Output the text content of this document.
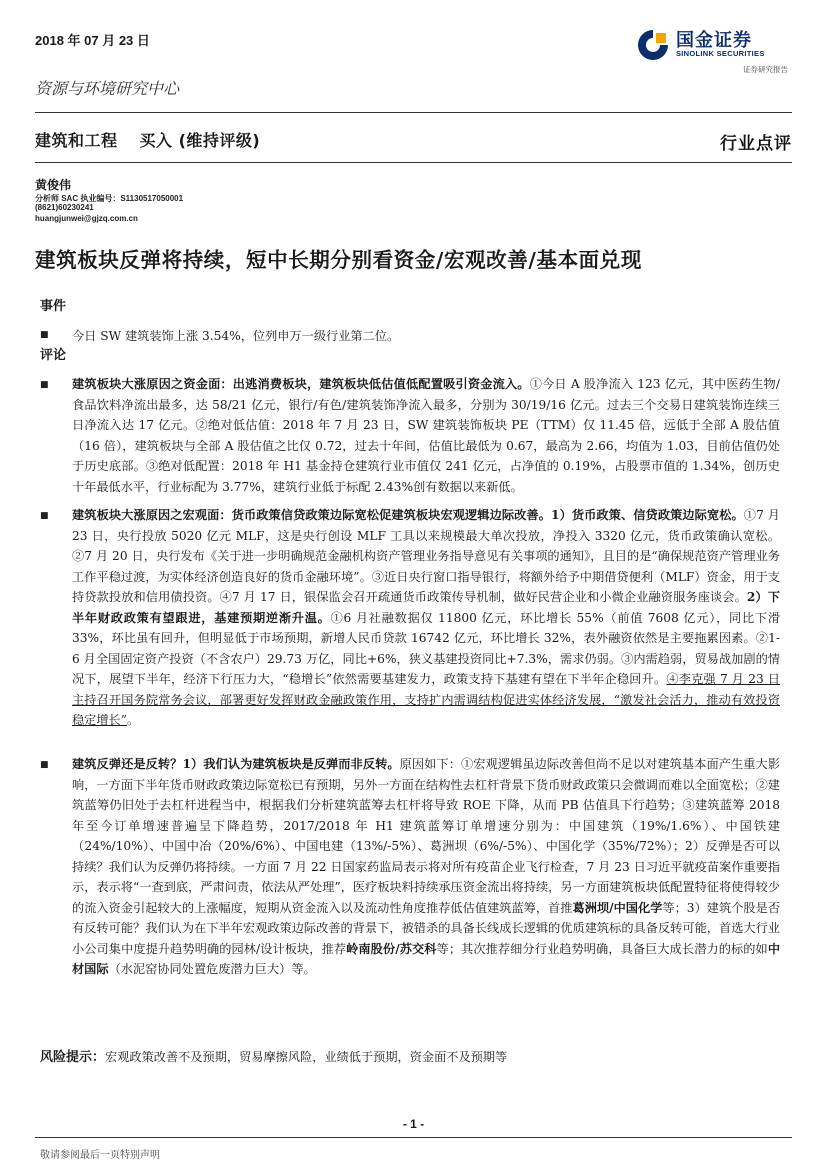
2018 年 07 月 23 日	国金证券
SINOLINK SECURITIES
证券研究报告
资源与环境研究中心
建筑和工程 买入 (维持评级)	行业点评
黄俊伟
分析师 SAC 执业编号：S1130517050001
(8621)60230241
huangjunwei@gjzq.com.cn
建筑板块反弹将持续，短中长期分别看资金/宏观改善/基本面兑现
事件
■ 今日 SW 建筑装饰上涨 3.54%，位列申万一级行业第二位。
评论
■ 建筑板块大涨原因之资金面：出逃消费板块，建筑板块低估值低配置吸引资金流入。①今日 A 股净流入 123 亿元，其中医药生物/食品饮料净流出最多，达 58/21 亿元，银行/有色/建筑装饰净流入最多，分别为 30/19/16 亿元。过去三个交易日建筑装饰连续三日净流入达 17 亿元。②绝对低估值：2018 年 7 月 23 日，SW 建筑装饰板块 PE（TTM）仅 11.45 倍，远低于全部 A 股估值（16 倍），建筑板块与全部 A 股估值之比仅 0.72，过去十年间，估值比最低为 0.67，最高为 2.66，均值为 1.03，目前估值仍处于历史底部。③绝对低配置：2018 年 H1 基金持仓建筑行业市值仅 241 亿元，占净值的 0.19%，占股票市值的 1.34%，创历史十年最低水平，行业标配为 3.77%，建筑行业低于标配 2.43%创有数据以来新低。
■ 建筑板块大涨原因之宏观面：货币政策信贷政策边际宽松促建筑板块宏观逻辑边际改善。1）货币政策、信贷政策边际宽松。①7 月 23 日，央行投放 5020 亿元 MLF，这是央行创设 MLF 工具以来规模最大单次投放，净投入 3320 亿元，货币政策确认宽松。②7 月 20 日，央行发布《关于进一步明确规范金融机构资产管理业务指导意见有关事项的通知》，且目的是“确保规范资产管理业务工作平稳过渡，为实体经济创造良好的货币金融环境”。③近日央行窗口指导银行，将额外给予中期借贷便利（MLF）资金，用于支持贷款投放和信用债投资。④7 月 17 日，银保监会召开疏通货币政策传导机制，做好民营企业和小微企业融资服务座谈会。2）下半年财政政策有望跟进，基建预期逆渐升温。①6 月社融数据仅 11800 亿元，环比增长 55%（前值 7608 亿元），同比下滑 33%，环比虽有回升，但明显低于市场预期，新增人民币贷款 16742 亿元，环比增长 32%，表外融资依然是主要拖累因素。②1-6 月全国固定资产投资（不含农户）29.73 万亿，同比+6%，狭义基建投资同比+7.3%，需求仍弱。③内需趋弱，贸易战加剧的情况下，展望下半年，经济下行压力大，“稳增长”依然需要基建发力，政策支持下基建有望在下半年企稳回升。④李克强 7 月 23 日主持召开国务院常务会议，部署更好发挥财政金融政策作用，支持扩内需调结构促进实体经济发展，“激发社会活力，推动有效投资稳定增长”。
■ 建筑反弹还是反转？1）我们认为建筑板块是反弹而非反转。原因如下：①宏观逻辑虽边际改善但尚不足以对建筑基本面产生重大影响，一方面下半年货币财政政策边际宽松已有预期，另外一方面在结构性去杠杆背景下货币财政政策只会微调而难以全面宽松；②建筑蓝筹仍旧处于去杠杆进程当中，根据我们分析建筑蓝筹去杠杆将导致 ROE 下降，从而 PB 估值具下行趋势；③建筑蓝筹 2018 年至今订单增速普遍呈下降趋势，2017/2018 年 H1 建筑蓝筹订单增速分别为：中国建筑（19%/1.6%）、中国铁建（24%/10%）、中国中冶（20%/6%）、中国电建（13%/-5%）、葛洲坝（6%/-5%）、中国化学（35%/72%）；2）反弹是否可以持续？我们认为反弹仍将持续。一方面 7 月 22 日国家药监局表示将对所有疫苗企业飞行检查，7 月 23 日习近平就疫苗案作重要指示，表示将“一查到底，严肃问责，依法从严处理”，医疗板块料持续承压资金流出将持续，另一方面建筑板块低配置特征将使得较少的流入资金引起较大的上涨幅度，短期从资金流入以及流动性角度推荐低估值建筑蓝筹，首推葛洲坝/中国化学等；3）建筑个股是否有反转可能？我们认为在下半年宏观政策边际改善的背景下，被错杀的具备长线成长逻辑的优质建筑标的具备反转可能，首选大行业小公司集中度提升趋势明确的园林/设计板块，推荐岭南股份/苏交科等；其次推荐细分行业趋势明确，具备巨大成长潜力的标的如中材国际（水泥窑协同处置危废潜力巨大）等。
风险提示：宏观政策改善不及预期，贸易摩擦风险，业绩低于预期，资金面不及预期等
- 1 -
敬请参阅最后一页特别声明
